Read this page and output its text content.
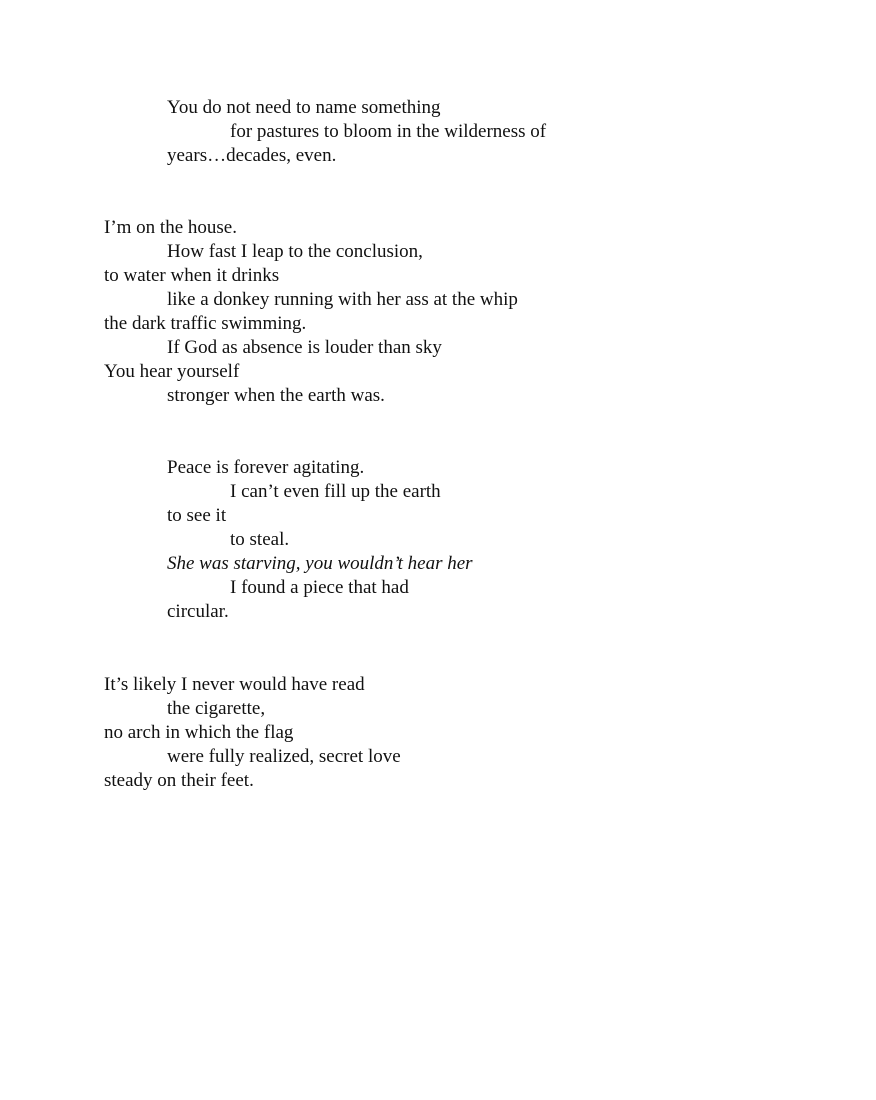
You do not need to name something
for pastures to bloom in the wilderness of
years…decades, even.
I’m on the house.
How fast I leap to the conclusion,
to water when it drinks
like a donkey running with her ass at the whip
the dark traffic swimming.
If God as absence is louder than sky
You hear yourself
stronger when the earth was.
Peace is forever agitating.
I can’t even fill up the earth
to see it
to steal.
She was starving, you wouldn’t hear her
I found a piece that had
circular.
It’s likely I never would have read
the cigarette,
no arch in which the flag
were fully realized, secret love
steady on their feet.
